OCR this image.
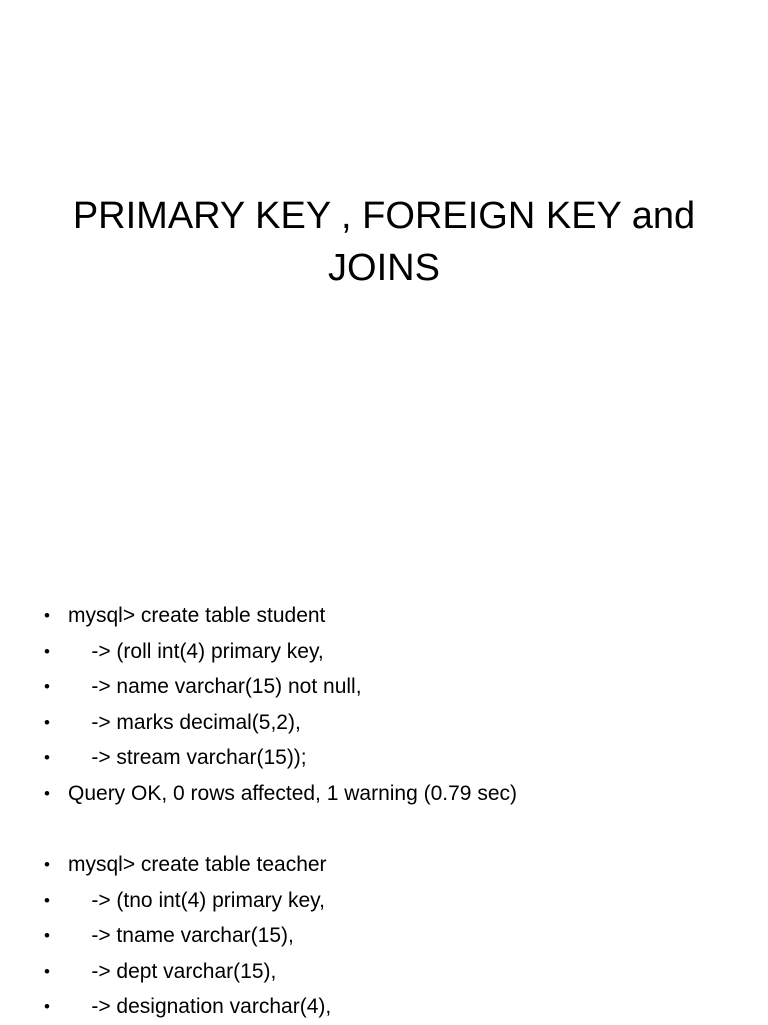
PRIMARY KEY , FOREIGN KEY and
JOINS
• mysql> create table student
• -> (roll int(4) primary key,
• -> name varchar(15) not null,
• -> marks decimal(5,2),
• -> stream varchar(15));
• Query OK, 0 rows affected, 1 warning (0.79 sec)
• mysql> create table teacher
• -> (tno int(4) primary key,
• -> tname varchar(15),
• -> dept varchar(15),
• -> designation varchar(4),
